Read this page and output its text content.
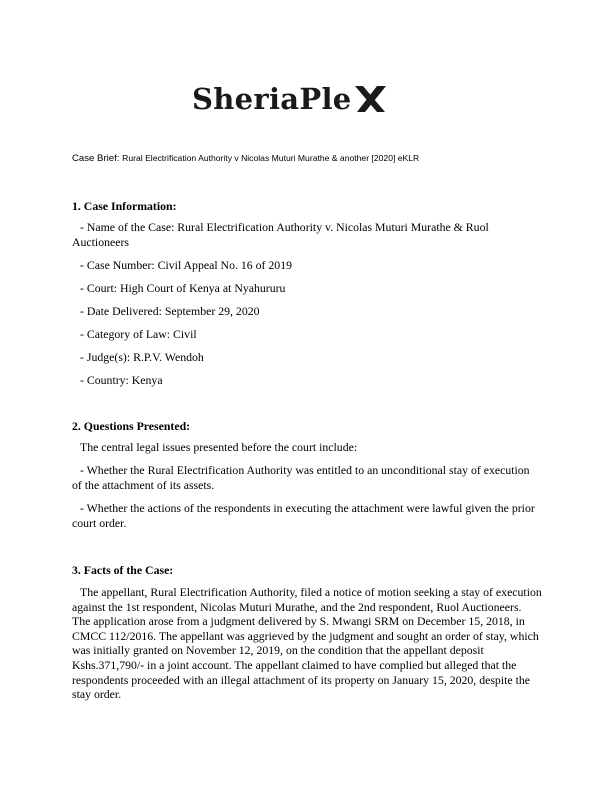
SheriaPle
Case Brief: Rural Electrification Authority v Nicolas Muturi Murathe & another [2020] eKLR
1. Case Information:
- Name of the Case: Rural Electrification Authority v. Nicolas Muturi Murathe & Ruol Auctioneers
- Case Number: Civil Appeal No. 16 of 2019
- Court: High Court of Kenya at Nyahururu
- Date Delivered: September 29, 2020
- Category of Law: Civil
- Judge(s): R.P.V. Wendoh
- Country: Kenya
2. Questions Presented:
The central legal issues presented before the court include:
- Whether the Rural Electrification Authority was entitled to an unconditional stay of execution of the attachment of its assets.
- Whether the actions of the respondents in executing the attachment were lawful given the prior court order.
3. Facts of the Case:
The appellant, Rural Electrification Authority, filed a notice of motion seeking a stay of execution against the 1st respondent, Nicolas Muturi Murathe, and the 2nd respondent, Ruol Auctioneers. The application arose from a judgment delivered by S. Mwangi SRM on December 15, 2018, in CMCC 112/2016. The appellant was aggrieved by the judgment and sought an order of stay, which was initially granted on November 12, 2019, on the condition that the appellant deposit Kshs.371,790/- in a joint account. The appellant claimed to have complied but alleged that the respondents proceeded with an illegal attachment of its property on January 15, 2020, despite the stay order.
